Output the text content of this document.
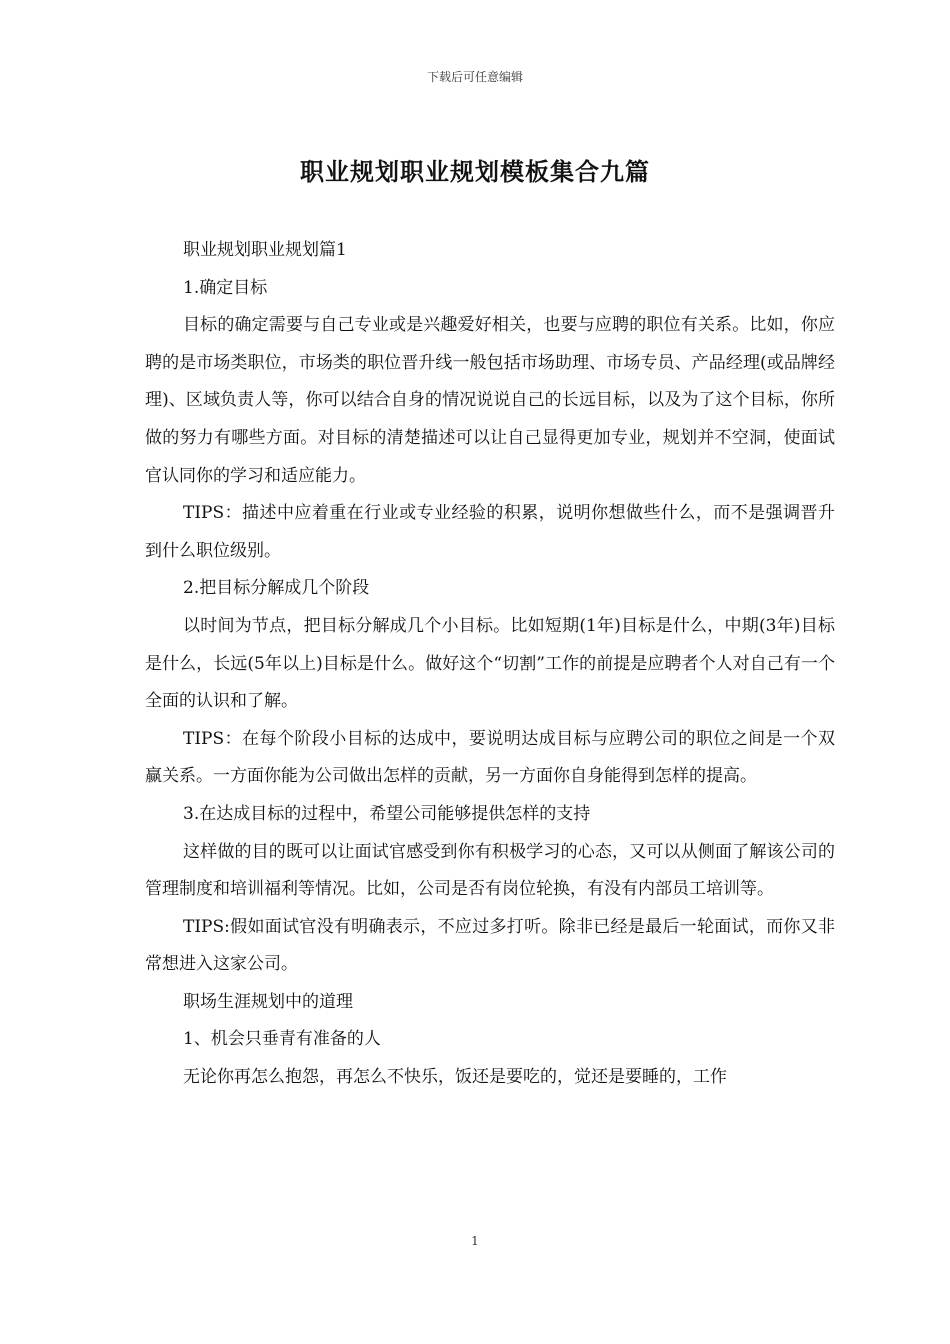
下载后可任意编辑
职业规划职业规划模板集合九篇

职业规划职业规划篇1

1.确定目标

目标的确定需要与自己专业或是兴趣爱好相关，也要与应聘的职位有关系。比如，你应聘的是市场类职位，市场类的职位晋升线一般包括市场助理、市场专员、产品经理(或品牌经理)、区域负责人等，你可以结合自身的情况说说自己的长远目标，以及为了这个目标，你所做的努力有哪些方面。对目标的清楚描述可以让自己显得更加专业，规划并不空洞，使面试官认同你的学习和适应能力。

TIPS：描述中应着重在行业或专业经验的积累，说明你想做些什么，而不是强调晋升到什么职位级别。

2.把目标分解成几个阶段

以时间为节点，把目标分解成几个小目标。比如短期(1年)目标是什么，中期(3年)目标是什么，长远(5年以上)目标是什么。做好这个“切割”工作的前提是应聘者个人对自己有一个全面的认识和了解。

TIPS：在每个阶段小目标的达成中，要说明达成目标与应聘公司的职位之间是一个双赢关系。一方面你能为公司做出怎样的贡献，另一方面你自身能得到怎样的提高。

3.在达成目标的过程中，希望公司能够提供怎样的支持

这样做的目的既可以让面试官感受到你有积极学习的心态，又可以从侧面了解该公司的管理制度和培训福利等情况。比如，公司是否有岗位轮换，有没有内部员工培训等。

TIPS:假如面试官没有明确表示，不应过多打听。除非已经是最后一轮面试，而你又非常想进入这家公司。

职场生涯规划中的道理

1、机会只垂青有准备的人

无论你再怎么抱怨，再怎么不快乐，饭还是要吃的，觉还是要睡的，工作

1
